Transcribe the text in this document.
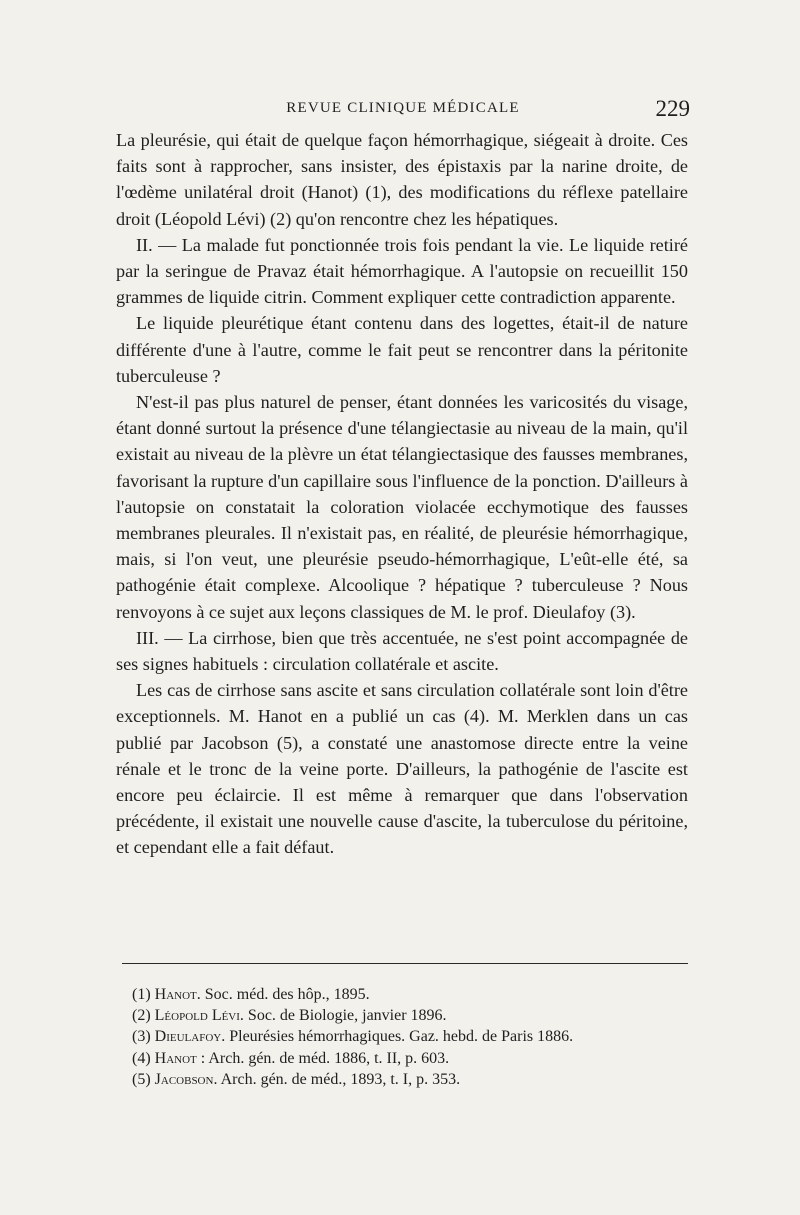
REVUE CLINIQUE MÉDICALE	229

La pleurésie, qui était de quelque façon hémorrhagique, siégeait à droite. Ces faits sont à rapprocher, sans insister, des épistaxis par la narine droite, de l'œdème unilatéral droit (Hanot) (1), des modifications du réflexe patellaire droit (Léopold Lévi) (2) qu'on rencontre chez les hépatiques.

II. — La malade fut ponctionnée trois fois pendant la vie. Le liquide retiré par la seringue de Pravaz était hémorrhagique. A l'autopsie on recueillit 150 grammes de liquide citrin. Comment expliquer cette contradiction apparente.

Le liquide pleurétique étant contenu dans des logettes, était-il de nature différente d'une à l'autre, comme le fait peut se rencontrer dans la péritonite tuberculeuse ?

N'est-il pas plus naturel de penser, étant données les varicosités du visage, étant donné surtout la présence d'une télangiectasie au niveau de la main, qu'il existait au niveau de la plèvre un état télangiectasique des fausses membranes, favorisant la rupture d'un capillaire sous l'influence de la ponction. D'ailleurs à l'autopsie on constatait la coloration violacée ecchymotique des fausses membranes pleurales. Il n'existait pas, en réalité, de pleurésie hémorrhagique, mais, si l'on veut, une pleurésie pseudo-hémorrhagique, L'eût-elle été, sa pathogénie était complexe. Alcoolique ? hépatique ? tuberculeuse ? Nous renvoyons à ce sujet aux leçons classiques de M. le prof. Dieulafoy (3).

III. — La cirrhose, bien que très accentuée, ne s'est point accompagnée de ses signes habituels : circulation collatérale et ascite.

Les cas de cirrhose sans ascite et sans circulation collatérale sont loin d'être exceptionnels. M. Hanot en a publié un cas (4). M. Merklen dans un cas publié par Jacobson (5), a constaté une anastomose directe entre la veine rénale et le tronc de la veine porte. D'ailleurs, la pathogénie de l'ascite est encore peu éclaircie. Il est même à remarquer que dans l'observation précédente, il existait une nouvelle cause d'ascite, la tuberculose du péritoine, et cependant elle a fait défaut.

(1) Hanot. Soc. méd. des hôp., 1895.

(2) Léopold Lévi. Soc. de Biologie, janvier 1896.

(3) Dieulafoy. Pleurésies hémorrhagiques. Gaz. hebd. de Paris 1886.

(4) Hanot : Arch. gén. de méd. 1886, t. II, p. 603.

(5) Jacobson. Arch. gén. de méd., 1893, t. I, p. 353.
